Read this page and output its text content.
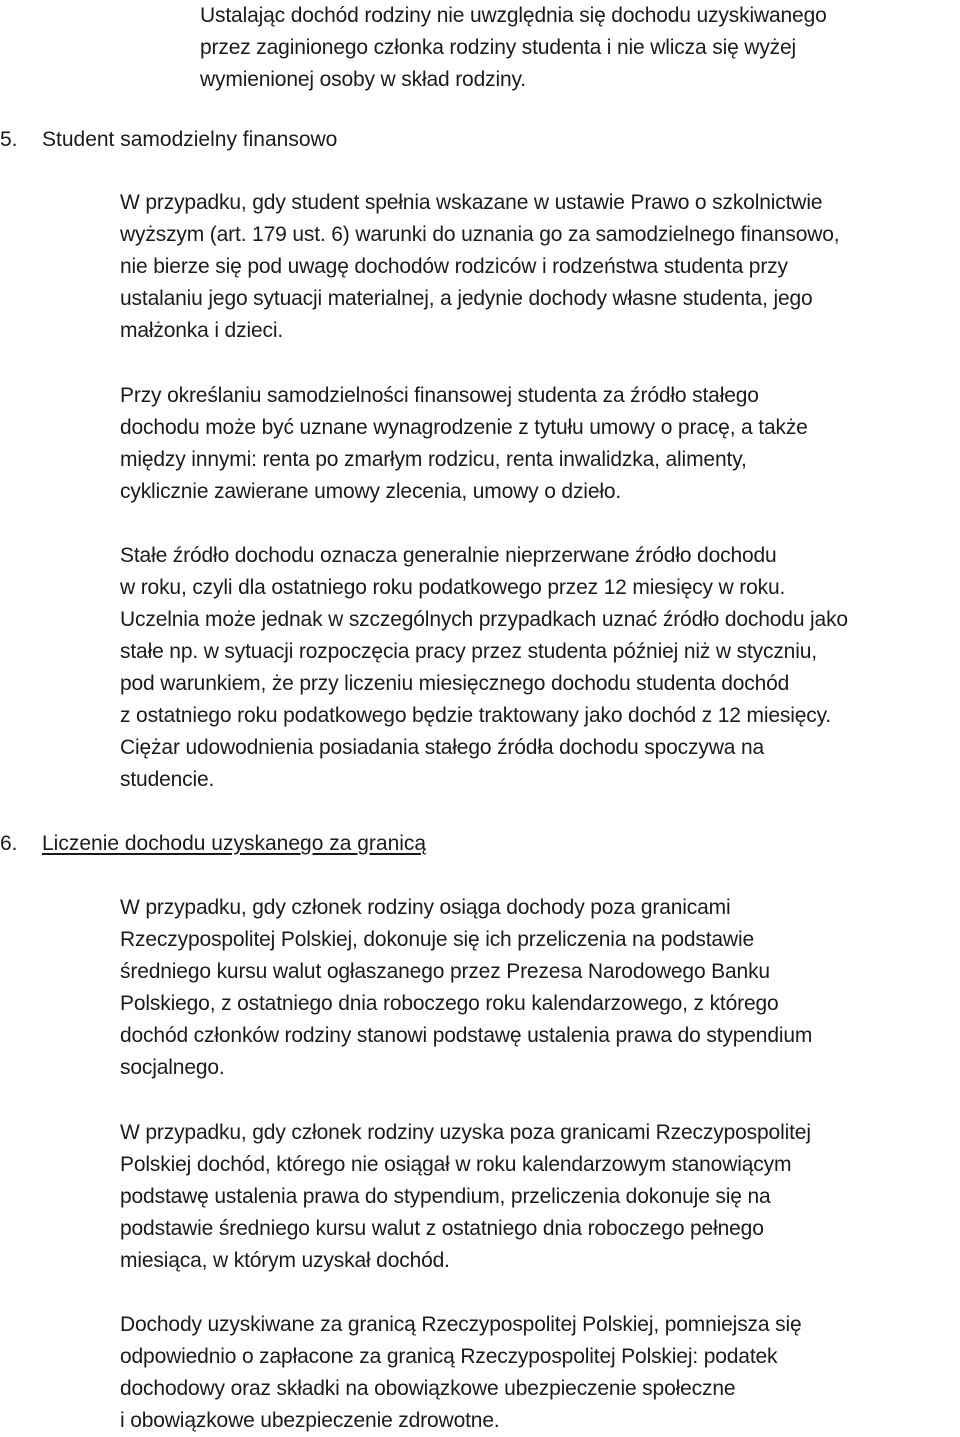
Ustalając dochód rodziny nie uwzględnia się dochodu uzyskiwanego
przez zaginionego członka rodziny studenta i nie wlicza się wyżej
wymienionej osoby w skład rodziny.
5. Student samodzielny finansowo
W przypadku, gdy student spełnia wskazane w ustawie Prawo o szkolnictwie
wyższym (art. 179 ust. 6) warunki do uznania go za samodzielnego finansowo,
nie bierze się pod uwagę dochodów rodziców i rodzeństwa studenta przy
ustalaniu jego sytuacji materialnej, a jedynie dochody własne studenta, jego
małżonka i dzieci.
Przy określaniu samodzielności finansowej studenta za źródło stałego
dochodu może być uznane wynagrodzenie z tytułu umowy o pracę, a także
między innymi: renta po zmarłym rodzicu, renta inwalidzka, alimenty,
cyklicznie zawierane umowy zlecenia, umowy o dzieło.
Stałe źródło dochodu oznacza generalnie nieprzerwane źródło dochodu
w roku, czyli dla ostatniego roku podatkowego przez 12 miesięcy w roku.
Uczelnia może jednak w szczególnych przypadkach uznać źródło dochodu jako
stałe np. w sytuacji rozpoczęcia pracy przez studenta później niż w styczniu,
pod warunkiem, że przy liczeniu miesięcznego dochodu studenta dochód
z ostatniego roku podatkowego będzie traktowany jako dochód z 12 miesięcy.
Ciężar udowodnienia posiadania stałego źródła dochodu spoczywa na
studencie.
6. Liczenie dochodu uzyskanego za granicą
W przypadku, gdy członek rodziny osiąga dochody poza granicami
Rzeczypospolitej Polskiej, dokonuje się ich przeliczenia na podstawie
średniego kursu walut ogłaszanego przez Prezesa Narodowego Banku
Polskiego, z ostatniego dnia roboczego roku kalendarzowego, z którego
dochód członków rodziny stanowi podstawę ustalenia prawa do stypendium
socjalnego.
W przypadku, gdy członek rodziny uzyska poza granicami Rzeczypospolitej
Polskiej dochód, którego nie osiągał w roku kalendarzowym stanowiącym
podstawę ustalenia prawa do stypendium, przeliczenia dokonuje się na
podstawie średniego kursu walut z ostatniego dnia roboczego pełnego
miesiąca, w którym uzyskał dochód.
Dochody uzyskiwane za granicą Rzeczypospolitej Polskiej, pomniejsza się
odpowiednio o zapłacone za granicą Rzeczypospolitej Polskiej: podatek
dochodowy oraz składki na obowiązkowe ubezpieczenie społeczne
i obowiązkowe ubezpieczenie zdrowotne.
